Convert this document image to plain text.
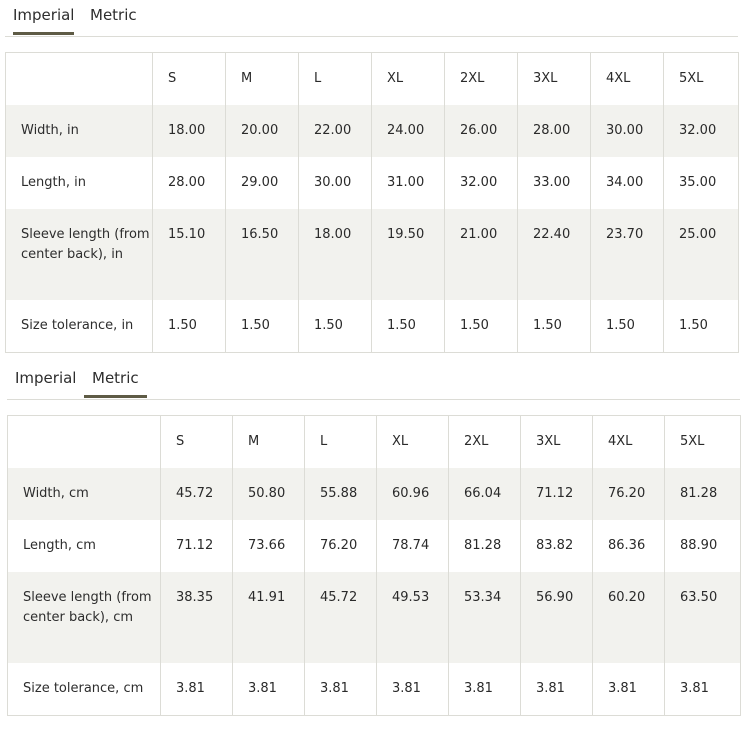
Imperial Metric
	S	M	L	XL	2XL	3XL	4XL	5XL
Width, in	18.00	20.00	22.00	24.00	26.00	28.00	30.00	32.00
Length, in	28.00	29.00	30.00	31.00	32.00	33.00	34.00	35.00
Sleeve length (from center back), in	15.10	16.50	18.00	19.50	21.00	22.40	23.70	25.00
Size tolerance, in	1.50	1.50	1.50	1.50	1.50	1.50	1.50	1.50
Imperial	Metric
	S	M	L	XL	2XL	3XL	4XL	5XL
Width, cm	45.72	50.80	55.88	60.96	66.04	71.12	76.20	81.28
Length, cm	71.12	73.66	76.20	78.74	81.28	83.82	86.36	88.90
Sleeve length (from center back), cm	38.35	41.91	45.72	49.53	53.34	56.90	60.20	63.50
Size tolerance, cm	3.81	3.81	3.81	3.81	3.81	3.81	3.81	3.81
